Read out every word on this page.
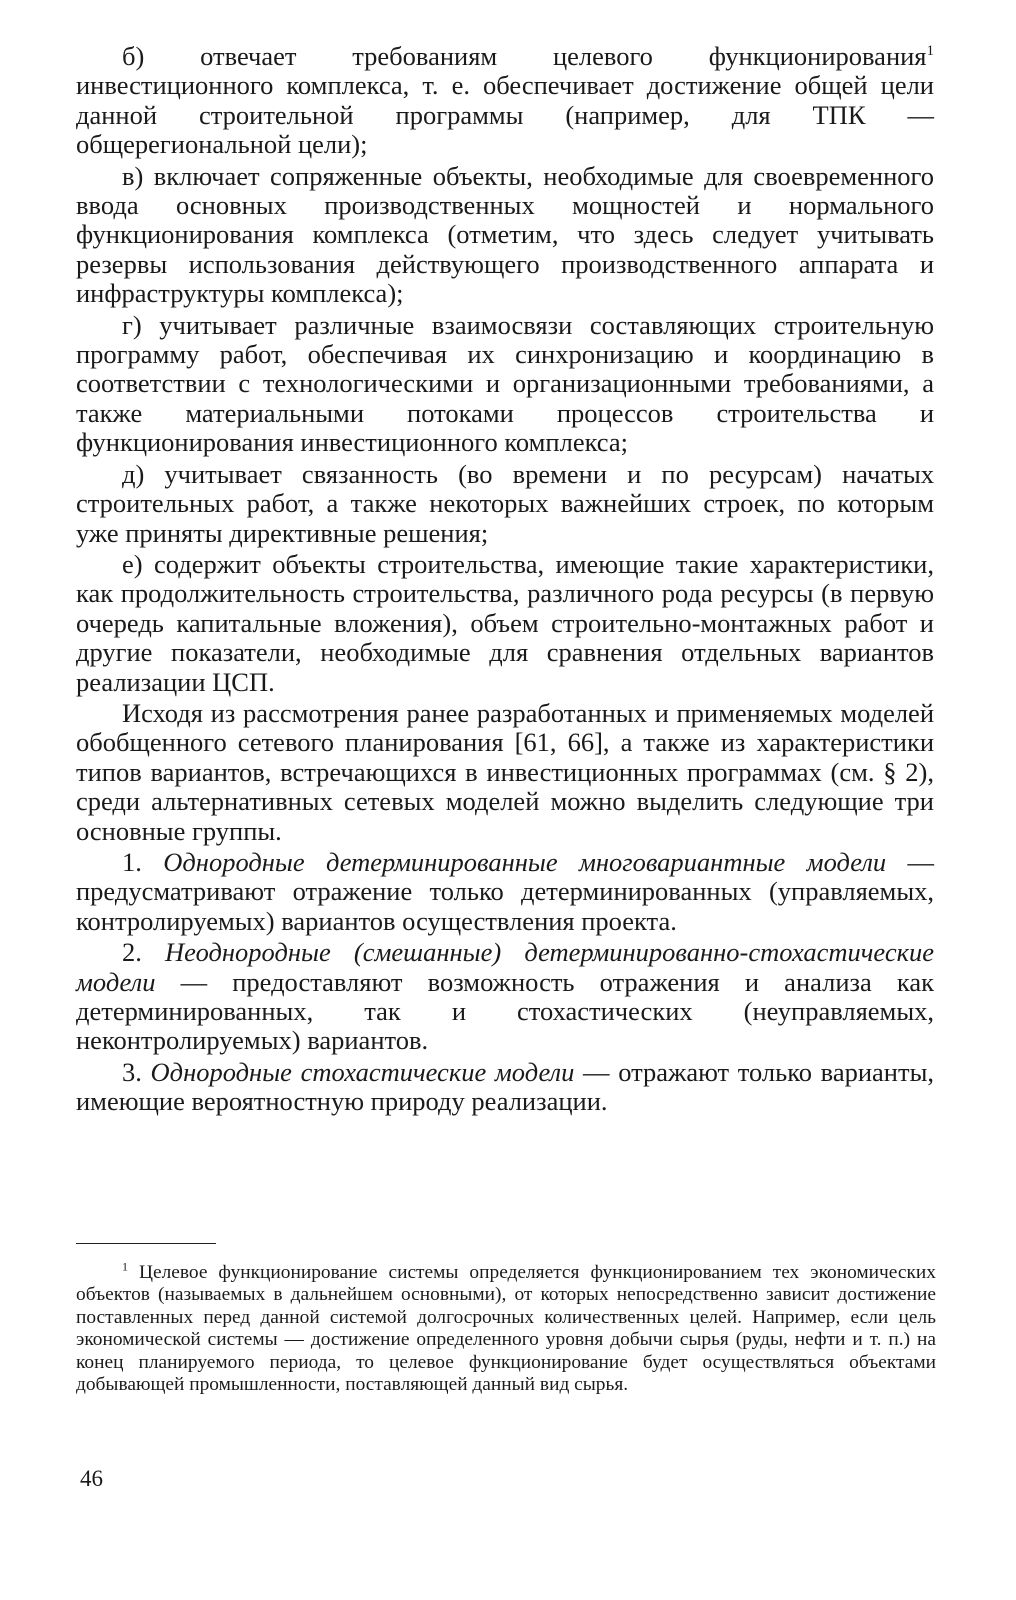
б) отвечает требованиям целевого функционирования$^1$ инвестиционного комплекса, т. е. обеспечивает достижение общей цели данной строительной программы (например, для ТПК — общерегиональной цели);

в) включает сопряженные объекты, необходимые для своевременного ввода основных производственных мощностей и нормального функционирования комплекса (отметим, что здесь следует учитывать резервы использования действующего производственного аппарата и инфраструктуры комплекса);

г) учитывает различные взаимосвязи составляющих строительную программу работ, обеспечивая их синхронизацию и координацию в соответствии с технологическими и организационными требованиями, а также материальными потоками процессов строительства и функционирования инвестиционного комплекса;

д) учитывает связанность (во времени и по ресурсам) начатых строительных работ, а также некоторых важнейших строек, по которым уже приняты директивные решения;

е) содержит объекты строительства, имеющие такие характеристики, как продолжительность строительства, различного рода ресурсы (в первую очередь капитальные вложения), объем строительно-монтажных работ и другие показатели, необходимые для сравнения отдельных вариантов реализации ЦСП.

Исходя из рассмотрения ранее разработанных и применяемых моделей обобщенного сетевого планирования [61, 66], а также из характеристики типов вариантов, встречающихся в инвестиционных программах (см. § 2), среди альтернативных сетевых моделей можно выделить следующие три основные группы.

1. Однородные детерминированные многовариантные модели — предусматривают отражение только детерминированных (управляемых, контролируемых) вариантов осуществления проекта.

2. Неоднородные (смешанные) детерминированно-стохастические модели — предоставляют возможность отражения и анализа как детерминированных, так и стохастических (неуправляемых, неконтролируемых) вариантов.

3. Однородные стохастические модели — отражают только варианты, имеющие вероятностную природу реализации.

$^1$ Целевое функционирование системы определяется функционированием тех экономических объектов (называемых в дальнейшем основными), от которых непосредственно зависит достижение поставленных перед данной системой долгосрочных количественных целей. Например, если цель экономической системы — достижение определенного уровня добычи сырья (руды, нефти и т. п.) на конец планируемого периода, то целевое функционирование будет осуществляться объектами добывающей промышленности, поставляющей данный вид сырья.

46
